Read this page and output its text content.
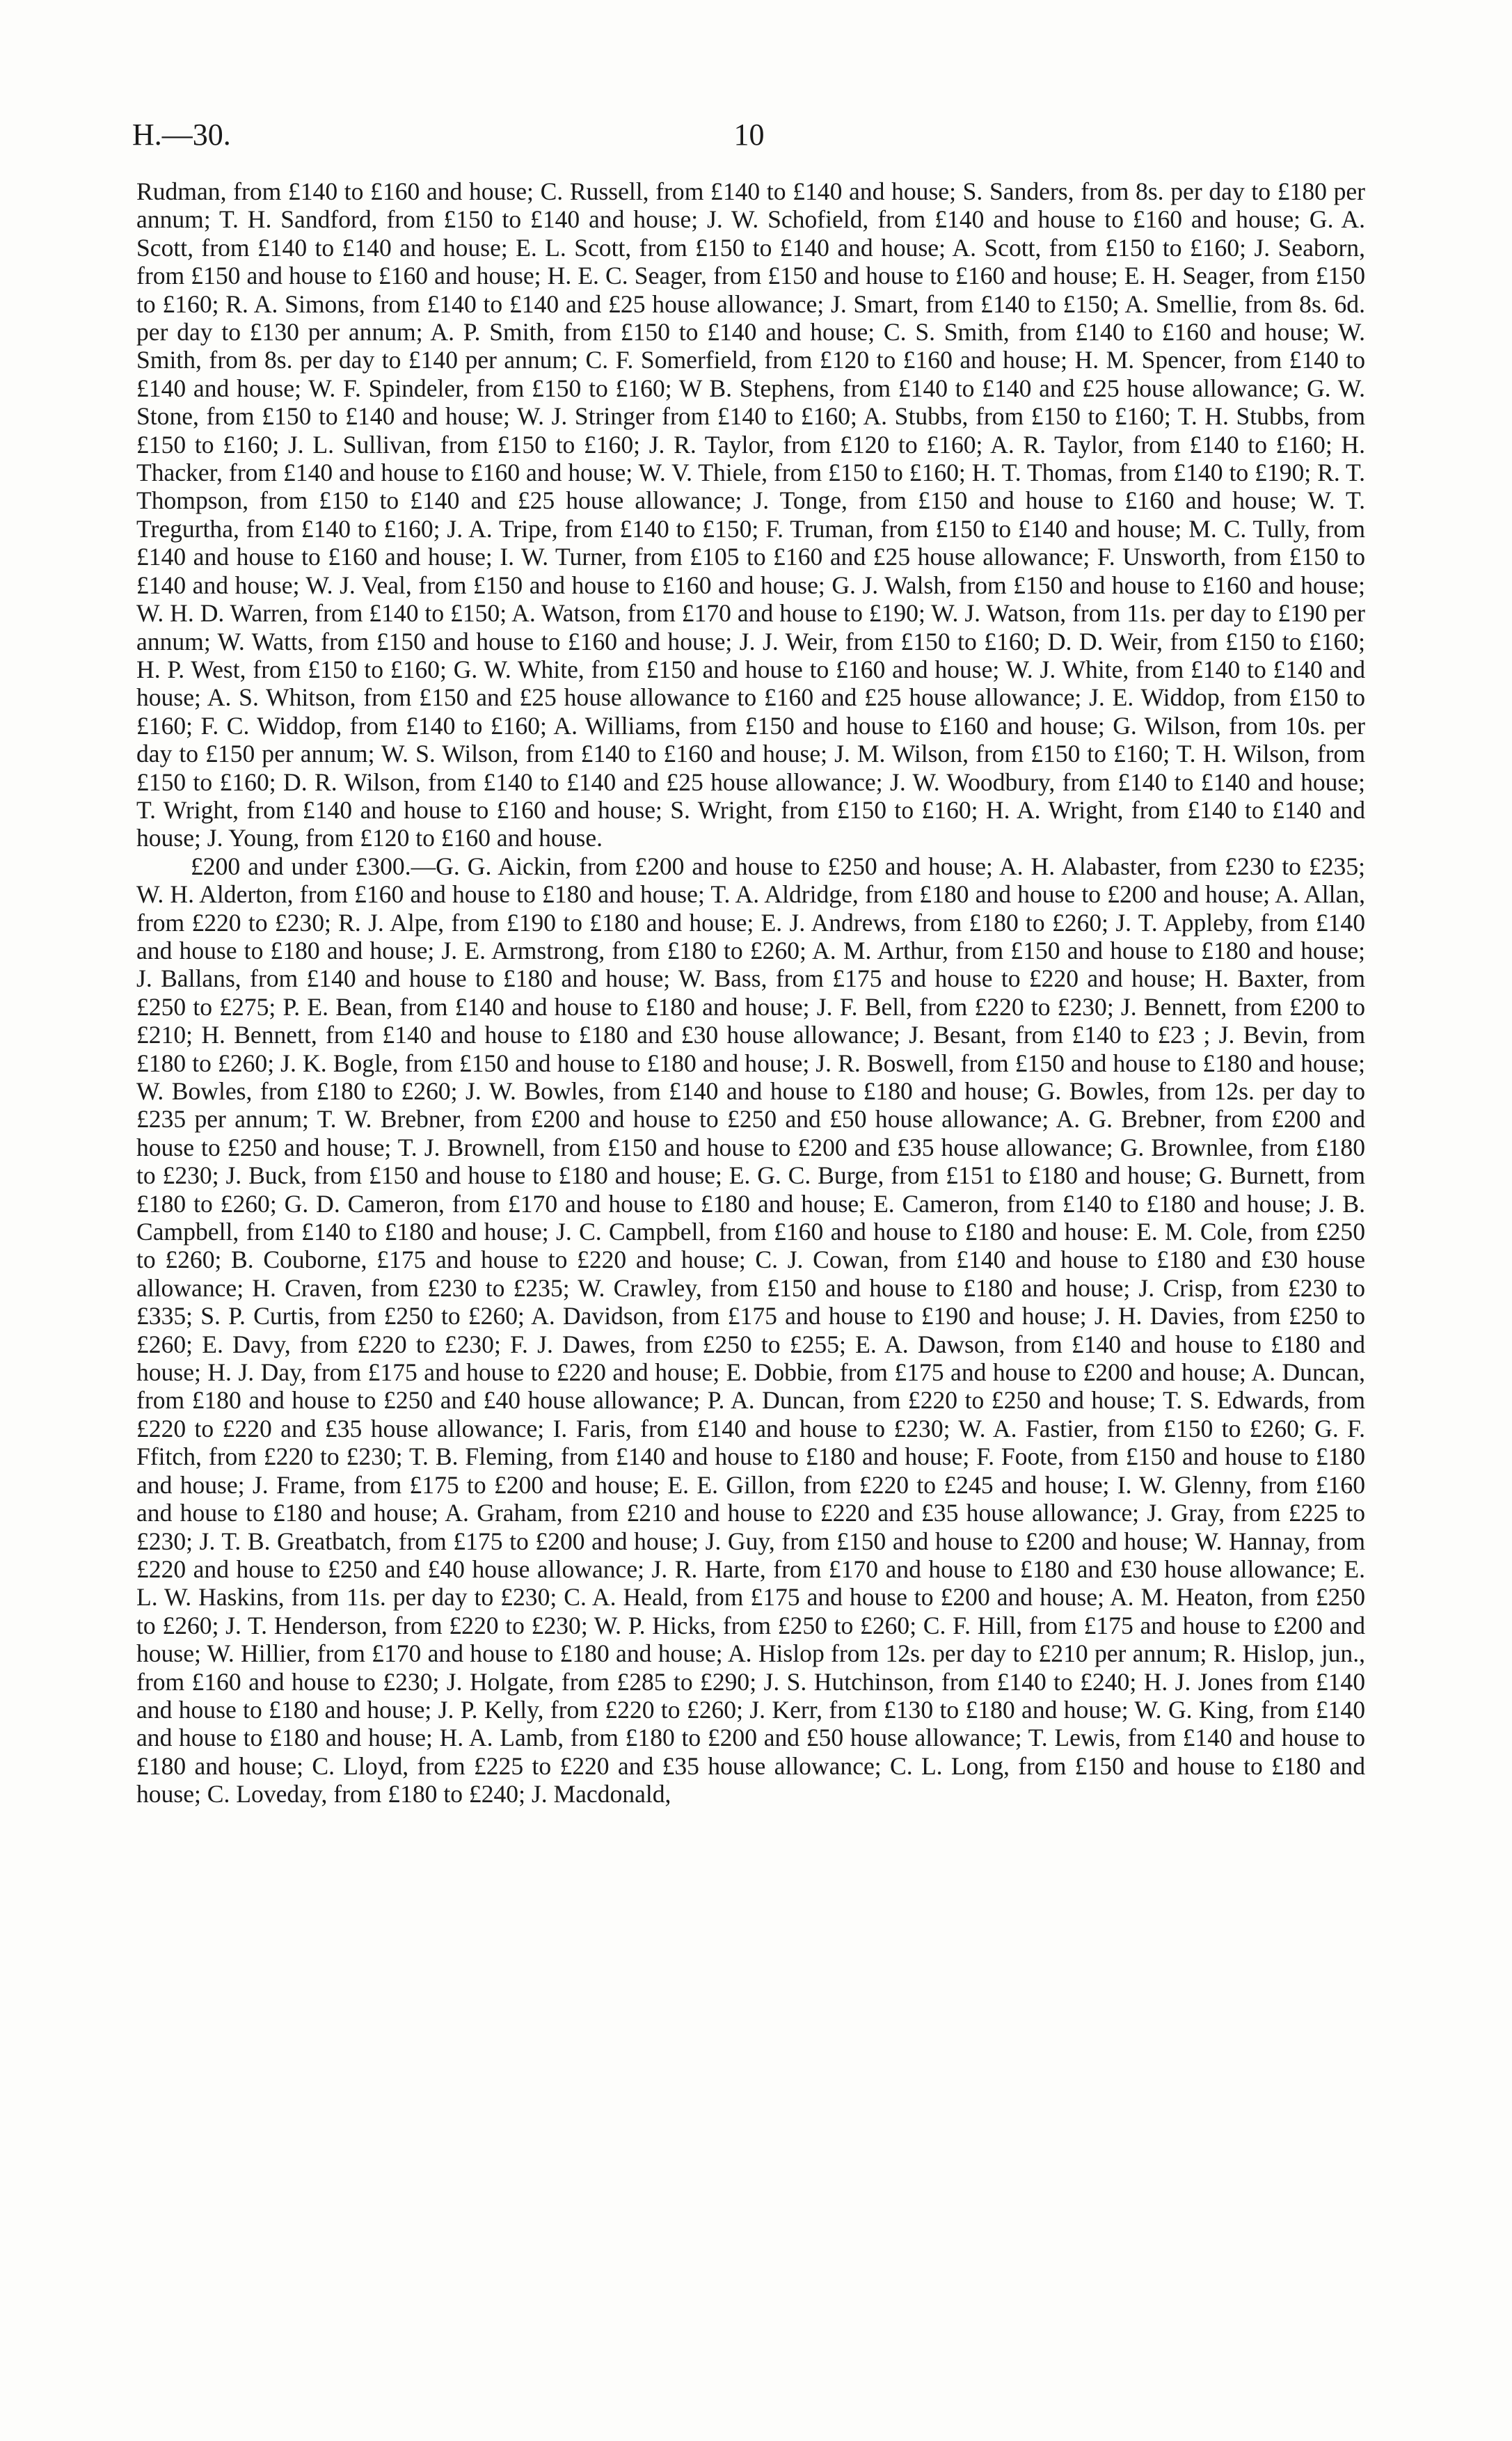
H.—30.	10

Rudman, from £140 to £160 and house; C. Russell, from £140 to £140 and house; S. Sanders, from 8s. per day to £180 per annum; T. H. Sandford, from £150 to £140 and house; J. W. Schofield, from £140 and house to £160 and house; G. A. Scott, from £140 to £140 and house; E. L. Scott, from £150 to £140 and house; A. Scott, from £150 to £160; J. Seaborn, from £150 and house to £160 and house; H. E. C. Seager, from £150 and house to £160 and house; E. H. Seager, from £150 to £160; R. A. Simons, from £140 to £140 and £25 house allowance; J. Smart, from £140 to £150; A. Smellie, from 8s. 6d. per day to £130 per annum; A. P. Smith, from £150 to £140 and house; C. S. Smith, from £140 to £160 and house; W. Smith, from 8s. per day to £140 per annum; C. F. Somerfield, from £120 to £160 and house; H. M. Spencer, from £140 to £140 and house; W. F. Spindeler, from £150 to £160; W B. Stephens, from £140 to £140 and £25 house allowance; G. W. Stone, from £150 to £140 and house; W. J. Stringer from £140 to £160; A. Stubbs, from £150 to £160; T. H. Stubbs, from £150 to £160; J. L. Sullivan, from £150 to £160; J. R. Taylor, from £120 to £160; A. R. Taylor, from £140 to £160; H. Thacker, from £140 and house to £160 and house; W. V. Thiele, from £150 to £160; H. T. Thomas, from £140 to £190; R. T. Thompson, from £150 to £140 and £25 house allowance; J. Tonge, from £150 and house to £160 and house; W. T. Tregurtha, from £140 to £160; J. A. Tripe, from £140 to £150; F. Truman, from £150 to £140 and house; M. C. Tully, from £140 and house to £160 and house; I. W. Turner, from £105 to £160 and £25 house allowance; F. Unsworth, from £150 to £140 and house; W. J. Veal, from £150 and house to £160 and house; G. J. Walsh, from £150 and house to £160 and house; W. H. D. Warren, from £140 to £150; A. Watson, from £170 and house to £190; W. J. Watson, from 11s. per day to £190 per annum; W. Watts, from £150 and house to £160 and house; J. J. Weir, from £150 to £160; D. D. Weir, from £150 to £160; H. P. West, from £150 to £160; G. W. White, from £150 and house to £160 and house; W. J. White, from £140 to £140 and house; A. S. Whitson, from £150 and £25 house allowance to £160 and £25 house allowance; J. E. Widdop, from £150 to £160; F. C. Widdop, from £140 to £160; A. Williams, from £150 and house to £160 and house; G. Wilson, from 10s. per day to £150 per annum; W. S. Wilson, from £140 to £160 and house; J. M. Wilson, from £150 to £160; T. H. Wilson, from £150 to £160; D. R. Wilson, from £140 to £140 and £25 house allowance; J. W. Woodbury, from £140 to £140 and house; T. Wright, from £140 and house to £160 and house; S. Wright, from £150 to £160; H. A. Wright, from £140 to £140 and house; J. Young, from £120 to £160 and house.

£200 and under £300.—G. G. Aickin, from £200 and house to £250 and house; A. H. Alabaster, from £230 to £235; W. H. Alderton, from £160 and house to £180 and house; T. A. Aldridge, from £180 and house to £200 and house; A. Allan, from £220 to £230; R. J. Alpe, from £190 to £180 and house; E. J. Andrews, from £180 to £260; J. T. Appleby, from £140 and house to £180 and house; J. E. Armstrong, from £180 to £260; A. M. Arthur, from £150 and house to £180 and house; J. Ballans, from £140 and house to £180 and house; W. Bass, from £175 and house to £220 and house; H. Baxter, from £250 to £275; P. E. Bean, from £140 and house to £180 and house; J. F. Bell, from £220 to £230; J. Bennett, from £200 to £210; H. Bennett, from £140 and house to £180 and £30 house allowance; J. Besant, from £140 to £23 ; J. Bevin, from £180 to £260; J. K. Bogle, from £150 and house to £180 and house; J. R. Boswell, from £150 and house to £180 and house; W. Bowles, from £180 to £260; J. W. Bowles, from £140 and house to £180 and house; G. Bowles, from 12s. per day to £235 per annum; T. W. Brebner, from £200 and house to £250 and £50 house allowance; A. G. Brebner, from £200 and house to £250 and house; T. J. Brownell, from £150 and house to £200 and £35 house allowance; G. Brownlee, from £180 to £230; J. Buck, from £150 and house to £180 and house; E. G. C. Burge, from £151 to £180 and house; G. Burnett, from £180 to £260; G. D. Cameron, from £170 and house to £180 and house; E. Cameron, from £140 to £180 and house; J. B. Campbell, from £140 to £180 and house; J. C. Campbell, from £160 and house to £180 and house: E. M. Cole, from £250 to £260; B. Couborne, £175 and house to £220 and house; C. J. Cowan, from £140 and house to £180 and £30 house allowance; H. Craven, from £230 to £235; W. Crawley, from £150 and house to £180 and house; J. Crisp, from £230 to £335; S. P. Curtis, from £250 to £260; A. Davidson, from £175 and house to £190 and house; J. H. Davies, from £250 to £260; E. Davy, from £220 to £230; F. J. Dawes, from £250 to £255; E. A. Dawson, from £140 and house to £180 and house; H. J. Day, from £175 and house to £220 and house; E. Dobbie, from £175 and house to £200 and house; A. Duncan, from £180 and house to £250 and £40 house allowance; P. A. Duncan, from £220 to £250 and house; T. S. Edwards, from £220 to £220 and £35 house allowance; I. Faris, from £140 and house to £230; W. A. Fastier, from £150 to £260; G. F. Ffitch, from £220 to £230; T. B. Fleming, from £140 and house to £180 and house; F. Foote, from £150 and house to £180 and house; J. Frame, from £175 to £200 and house; E. E. Gillon, from £220 to £245 and house; I. W. Glenny, from £160 and house to £180 and house; A. Graham, from £210 and house to £220 and £35 house allowance; J. Gray, from £225 to £230; J. T. B. Greatbatch, from £175 to £200 and house; J. Guy, from £150 and house to £200 and house; W. Hannay, from £220 and house to £250 and £40 house allowance; J. R. Harte, from £170 and house to £180 and £30 house allowance; E. L. W. Haskins, from 11s. per day to £230; C. A. Heald, from £175 and house to £200 and house; A. M. Heaton, from £250 to £260; J. T. Henderson, from £220 to £230; W. P. Hicks, from £250 to £260; C. F. Hill, from £175 and house to £200 and house; W. Hillier, from £170 and house to £180 and house; A. Hislop from 12s. per day to £210 per annum; R. Hislop, jun., from £160 and house to £230; J. Holgate, from £285 to £290; J. S. Hutchinson, from £140 to £240; H. J. Jones from £140 and house to £180 and house; J. P. Kelly, from £220 to £260; J. Kerr, from £130 to £180 and house; W. G. King, from £140 and house to £180 and house; H. A. Lamb, from £180 to £200 and £50 house allowance; T. Lewis, from £140 and house to £180 and house; C. Lloyd, from £225 to £220 and £35 house allowance; C. L. Long, from £150 and house to £180 and house; C. Loveday, from £180 to £240; J. Macdonald,
